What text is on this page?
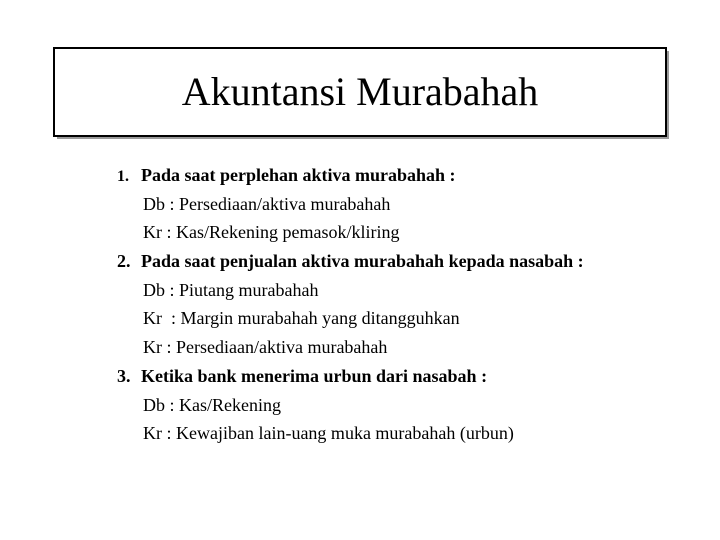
Akuntansi Murabahah
1. Pada saat perplehan aktiva murabahah :
Db : Persediaan/aktiva murabahah
Kr : Kas/Rekening pemasok/kliring
2. Pada saat penjualan aktiva murabahah kepada nasabah :
Db : Piutang murabahah
Kr  : Margin murabahah yang ditangguhkan
Kr : Persediaan/aktiva murabahah
3. Ketika bank menerima urbun dari nasabah :
Db : Kas/Rekening
Kr : Kewajiban lain-uang muka murabahah (urbun)
